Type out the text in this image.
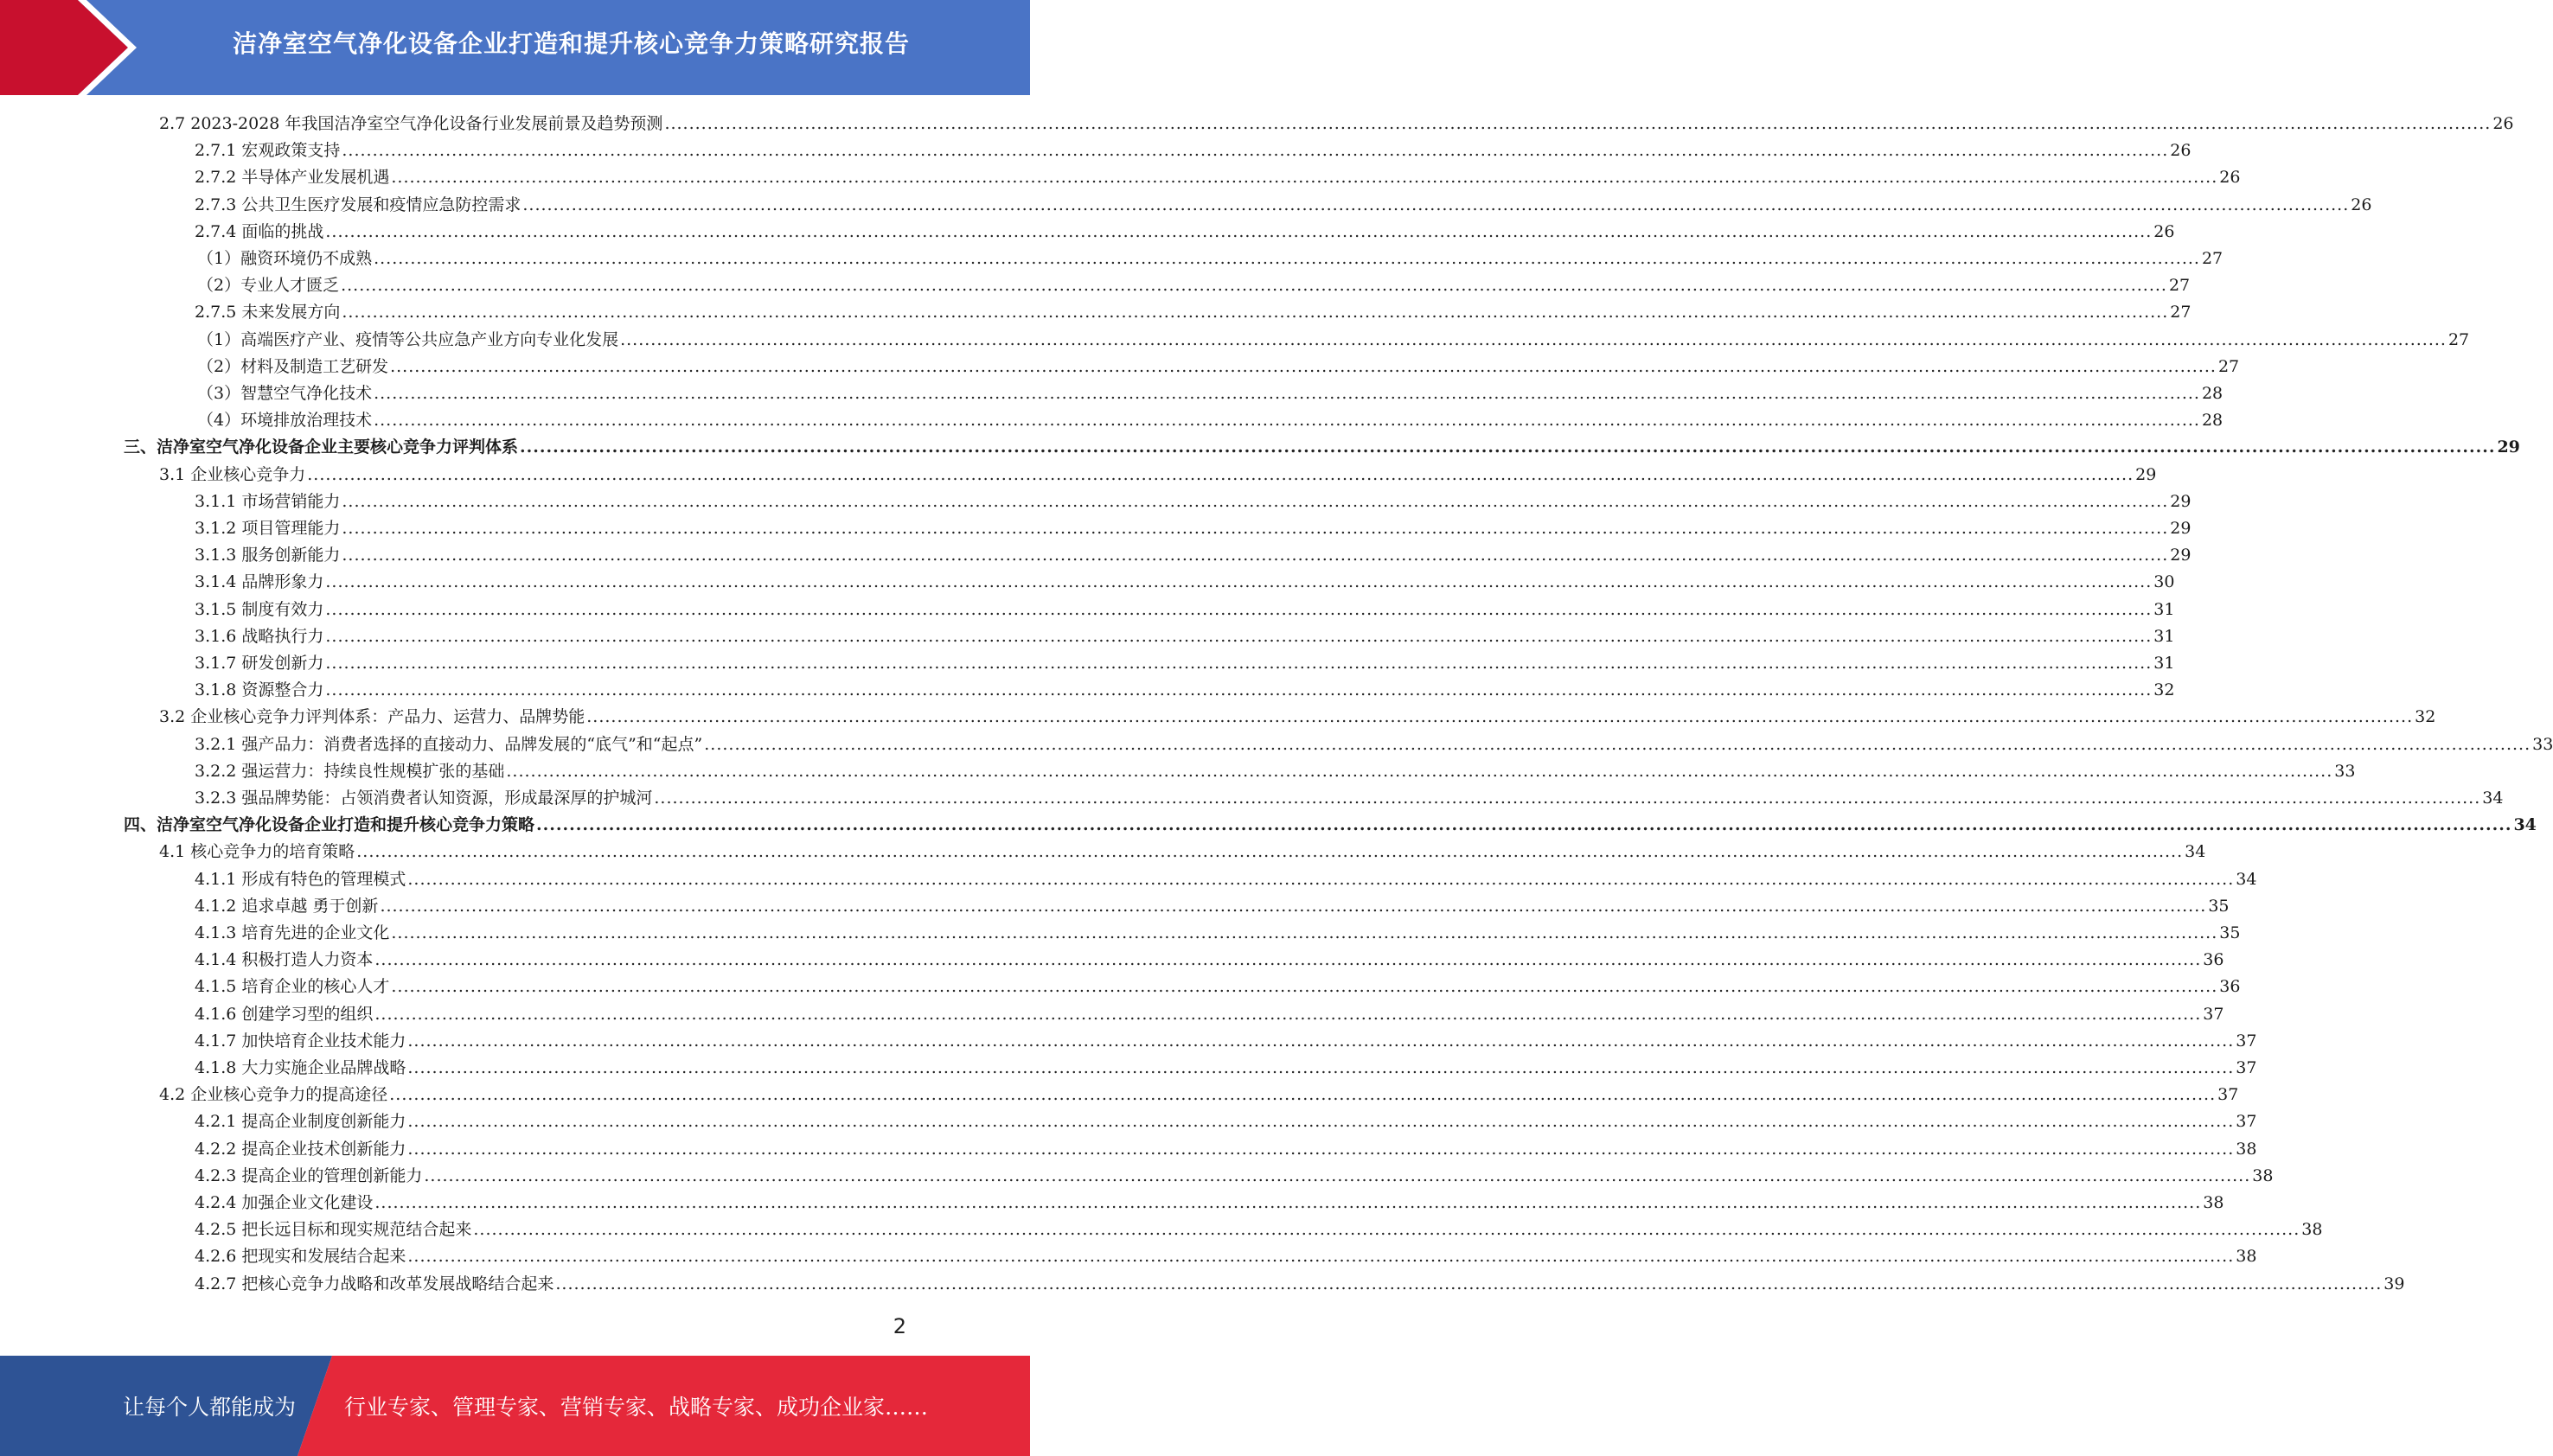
洁净室空气净化设备企业打造和提升核心竞争力策略研究报告
2.7 2023-2028 年我国洁净室空气净化设备行业发展前景及趋势预测 ............................................................................................................................................................................................................................................................................................................ 26
2.7.1 宏观政策支持 ............................................................................................................................................................................................................................................................................................................ 26
2.7.2 半导体产业发展机遇 ............................................................................................................................................................................................................................................................................................................ 26
2.7.3 公共卫生医疗发展和疫情应急防控需求 ............................................................................................................................................................................................................................................................................................................ 26
2.7.4 面临的挑战 ............................................................................................................................................................................................................................................................................................................ 26
（1）融资环境仍不成熟 ............................................................................................................................................................................................................................................................................................................ 27
（2）专业人才匮乏 ............................................................................................................................................................................................................................................................................................................ 27
2.7.5 未来发展方向 ............................................................................................................................................................................................................................................................................................................ 27
（1）高端医疗产业、疫情等公共应急产业方向专业化发展 ............................................................................................................................................................................................................................................................................................................ 27
（2）材料及制造工艺研发 ............................................................................................................................................................................................................................................................................................................ 27
（3）智慧空气净化技术 ............................................................................................................................................................................................................................................................................................................ 28
（4）环境排放治理技术 ............................................................................................................................................................................................................................................................................................................ 28
三、洁净室空气净化设备企业主要核心竞争力评判体系 ............................................................................................................................................................................................................................................................................................................ 29
3.1 企业核心竞争力 ............................................................................................................................................................................................................................................................................................................ 29
3.1.1 市场营销能力 ............................................................................................................................................................................................................................................................................................................ 29
3.1.2 项目管理能力 ............................................................................................................................................................................................................................................................................................................ 29
3.1.3 服务创新能力 ............................................................................................................................................................................................................................................................................................................ 29
3.1.4 品牌形象力 ............................................................................................................................................................................................................................................................................................................ 30
3.1.5 制度有效力 ............................................................................................................................................................................................................................................................................................................ 31
3.1.6 战略执行力 ............................................................................................................................................................................................................................................................................................................ 31
3.1.7 研发创新力 ............................................................................................................................................................................................................................................................................................................ 31
3.1.8 资源整合力 ............................................................................................................................................................................................................................................................................................................ 32
3.2 企业核心竞争力评判体系：产品力、运营力、品牌势能 ............................................................................................................................................................................................................................................................................................................ 32
3.2.1 强产品力：消费者选择的直接动力、品牌发展的“底气”和“起点” ............................................................................................................................................................................................................................................................................................................ 33
3.2.2 强运营力：持续良性规模扩张的基础 ............................................................................................................................................................................................................................................................................................................ 33
3.2.3 强品牌势能：占领消费者认知资源，形成最深厚的护城河 ............................................................................................................................................................................................................................................................................................................ 34
四、洁净室空气净化设备企业打造和提升核心竞争力策略 ............................................................................................................................................................................................................................................................................................................ 34
4.1 核心竞争力的培育策略 ............................................................................................................................................................................................................................................................................................................ 34
4.1.1 形成有特色的管理模式 ............................................................................................................................................................................................................................................................................................................ 34
4.1.2 追求卓越 勇于创新 ............................................................................................................................................................................................................................................................................................................ 35
4.1.3 培育先进的企业文化 ............................................................................................................................................................................................................................................................................................................ 35
4.1.4 积极打造人力资本 ............................................................................................................................................................................................................................................................................................................ 36
4.1.5 培育企业的核心人才 ............................................................................................................................................................................................................................................................................................................ 36
4.1.6 创建学习型的组织 ............................................................................................................................................................................................................................................................................................................ 37
4.1.7 加快培育企业技术能力 ............................................................................................................................................................................................................................................................................................................ 37
4.1.8 大力实施企业品牌战略 ............................................................................................................................................................................................................................................................................................................ 37
4.2 企业核心竞争力的提高途径 ............................................................................................................................................................................................................................................................................................................ 37
4.2.1 提高企业制度创新能力 ............................................................................................................................................................................................................................................................................................................ 37
4.2.2 提高企业技术创新能力 ............................................................................................................................................................................................................................................................................................................ 38
4.2.3 提高企业的管理创新能力 ............................................................................................................................................................................................................................................................................................................ 38
4.2.4 加强企业文化建设 ............................................................................................................................................................................................................................................................................................................ 38
4.2.5 把长远目标和现实规范结合起来 ............................................................................................................................................................................................................................................................................................................ 38
4.2.6 把现实和发展结合起来 ............................................................................................................................................................................................................................................................................................................ 38
4.2.7 把核心竞争力战略和改革发展战略结合起来 ............................................................................................................................................................................................................................................................................................................ 39
2
让每个人都能成为 行业专家、管理专家、营销专家、战略专家、成功企业家……
